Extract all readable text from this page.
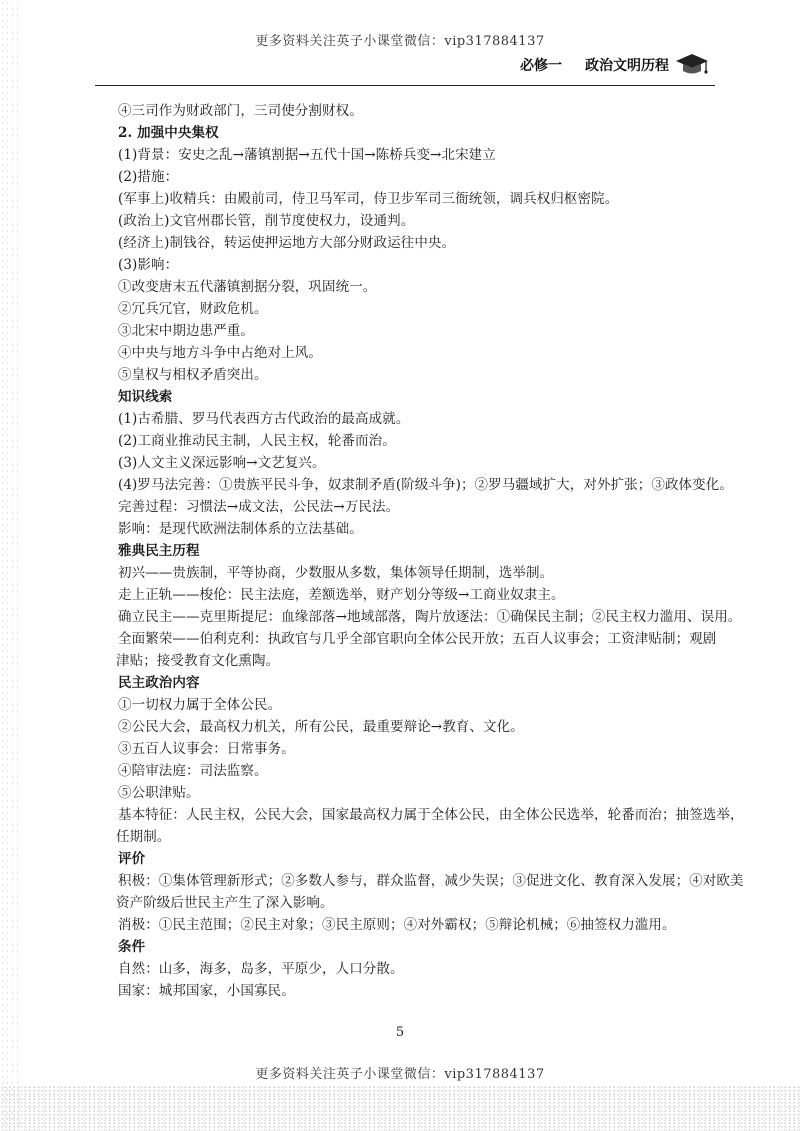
更多资料关注英子小课堂微信：vip317884137
必修一 政治文明历程
④三司作为财政部门，三司使分割财权。
2. 加强中央集权
(1)背景：安史之乱→藩镇割据→五代十国→陈桥兵变→北宋建立
(2)措施：
(军事上)收精兵：由殿前司，侍卫马军司，侍卫步军司三衙统领，调兵权归枢密院。
(政治上)文官州郡长管，削节度使权力，设通判。
(经济上)制钱谷，转运使押运地方大部分财政运往中央。
(3)影响：
①改变唐末五代藩镇割据分裂，巩固统一。
②冗兵冗官，财政危机。
③北宋中期边患严重。
④中央与地方斗争中占绝对上风。
⑤皇权与相权矛盾突出。
知识线索
(1)古希腊、罗马代表西方古代政治的最高成就。
(2)工商业推动民主制，人民主权，轮番而治。
(3)人文主义深远影响→文艺复兴。
(4)罗马法完善：①贵族平民斗争，奴隶制矛盾(阶级斗争)；②罗马疆域扩大，对外扩张；③政体变化。
完善过程：习惯法→成文法，公民法→万民法。
影响：是现代欧洲法制体系的立法基础。
雅典民主历程
初兴——贵族制，平等协商，少数服从多数，集体领导任期制，选举制。
走上正轨——梭伦：民主法庭，差额选举，财产划分等级→工商业奴隶主。
确立民主——克里斯提尼：血缘部落→地域部落，陶片放逐法：①确保民主制；②民主权力滥用、误用。
全面繁荣——伯利克利：执政官与几乎全部官职向全体公民开放；五百人议事会；工资津贴制；观剧
津贴；接受教育文化熏陶。
民主政治内容
①一切权力属于全体公民。
②公民大会，最高权力机关，所有公民，最重要辩论→教育、文化。
③五百人议事会：日常事务。
④陪审法庭：司法监察。
⑤公职津贴。
基本特征：人民主权，公民大会，国家最高权力属于全体公民，由全体公民选举，轮番而治；抽签选举，
任期制。
评价
积极：①集体管理新形式；②多数人参与，群众监督，减少失误；③促进文化、教育深入发展；④对欧美
资产阶级后世民主产生了深入影响。
消极：①民主范围；②民主对象；③民主原则；④对外霸权；⑤辩论机械；⑥抽签权力滥用。
条件
自然：山多，海多，岛多，平原少，人口分散。
国家：城邦国家，小国寡民。
5
更多资料关注英子小课堂微信：vip317884137
